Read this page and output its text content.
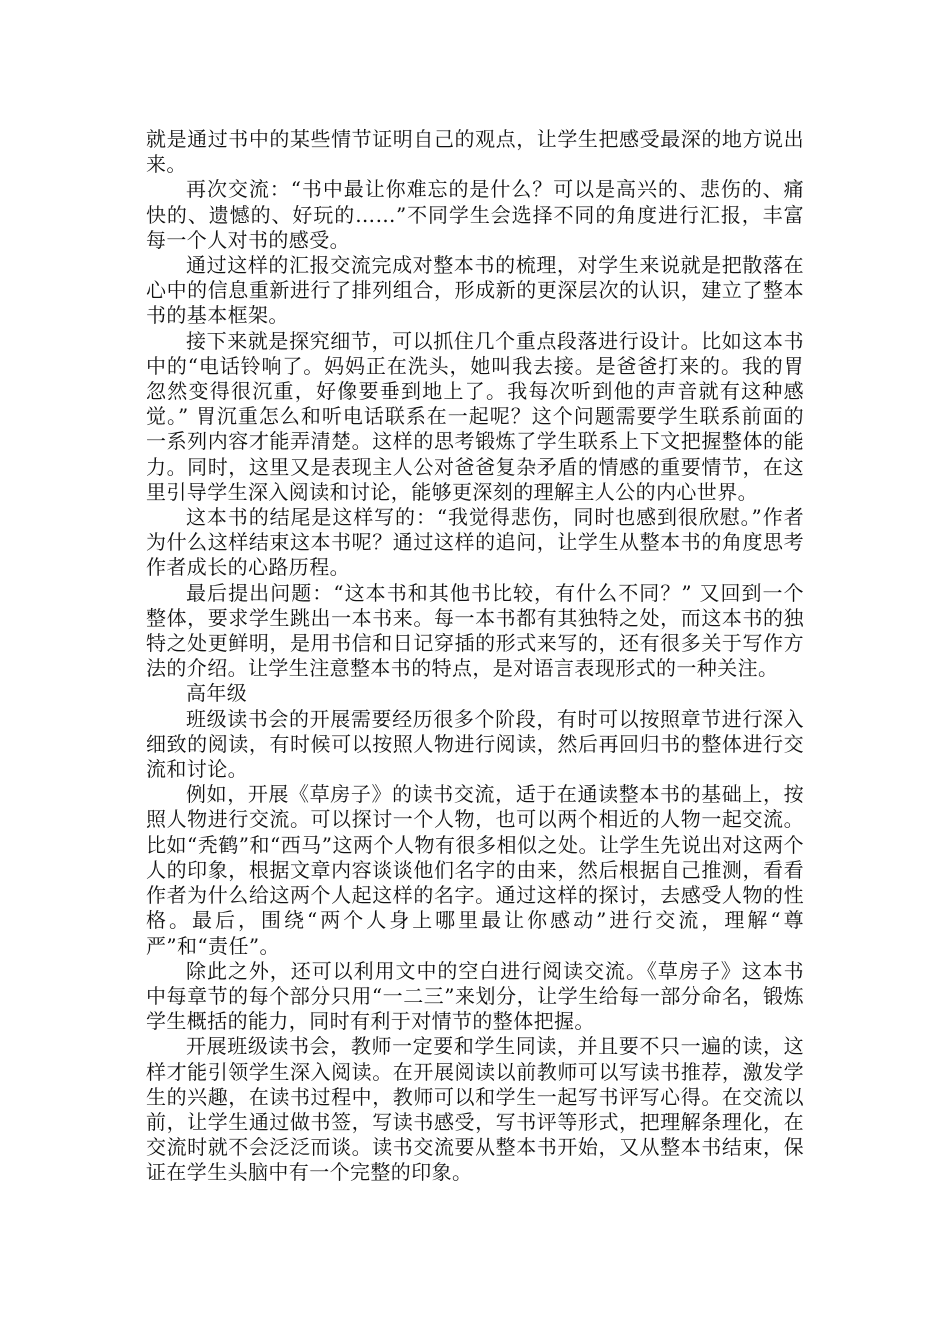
就是通过书中的某些情节证明自己的观点，让学生把感受最深的地方说出来。

再次交流：“书中最让你难忘的是什么？可以是高兴的、悲伤的、痛快的、遗憾的、好玩的……”不同学生会选择不同的角度进行汇报，丰富每一个人对书的感受。

通过这样的汇报交流完成对整本书的梳理，对学生来说就是把散落在心中的信息重新进行了排列组合，形成新的更深层次的认识，建立了整本书的基本框架。

接下来就是探究细节，可以抓住几个重点段落进行设计。比如这本书中的“电话铃响了。妈妈正在洗头，她叫我去接。是爸爸打来的。我的胃忽然变得很沉重，好像要垂到地上了。我每次听到他的声音就有这种感觉。” 胃沉重怎么和听电话联系在一起呢？这个问题需要学生联系前面的一系列内容才能弄清楚。这样的思考锻炼了学生联系上下文把握整体的能力。同时，这里又是表现主人公对爸爸复杂矛盾的情感的重要情节，在这里引导学生深入阅读和讨论，能够更深刻的理解主人公的内心世界。

这本书的结尾是这样写的：“我觉得悲伤，同时也感到很欣慰。”作者为什么这样结束这本书呢？通过这样的追问，让学生从整本书的角度思考作者成长的心路历程。

最后提出问题：“这本书和其他书比较，有什么不同？” 又回到一个整体，要求学生跳出一本书来。每一本书都有其独特之处，而这本书的独特之处更鲜明，是用书信和日记穿插的形式来写的，还有很多关于写作方法的介绍。让学生注意整本书的特点，是对语言表现形式的一种关注。

高年级

班级读书会的开展需要经历很多个阶段，有时可以按照章节进行深入细致的阅读，有时候可以按照人物进行阅读，然后再回归书的整体进行交流和讨论。

例如，开展《草房子》的读书交流，适于在通读整本书的基础上，按照人物进行交流。可以探讨一个人物，也可以两个相近的人物一起交流。比如“秃鹤”和“西马”这两个人物有很多相似之处。让学生先说出对这两个人的印象，根据文章内容谈谈他们名字的由来，然后根据自己推测，看看作者为什么给这两个人起这样的名字。通过这样的探讨，去感受人物的性格。最后，围绕“两个人身上哪里最让你感动”进行交流，理解“尊严”和“责任”。

除此之外，还可以利用文中的空白进行阅读交流。《草房子》这本书中每章节的每个部分只用“一二三”来划分，让学生给每一部分命名，锻炼学生概括的能力，同时有利于对情节的整体把握。

开展班级读书会，教师一定要和学生同读，并且要不只一遍的读，这样才能引领学生深入阅读。在开展阅读以前教师可以写读书推荐，激发学生的兴趣，在读书过程中，教师可以和学生一起写书评写心得。在交流以前，让学生通过做书签，写读书感受，写书评等形式，把理解条理化，在交流时就不会泛泛而谈。读书交流要从整本书开始，又从整本书结束，保证在学生头脑中有一个完整的印象。
